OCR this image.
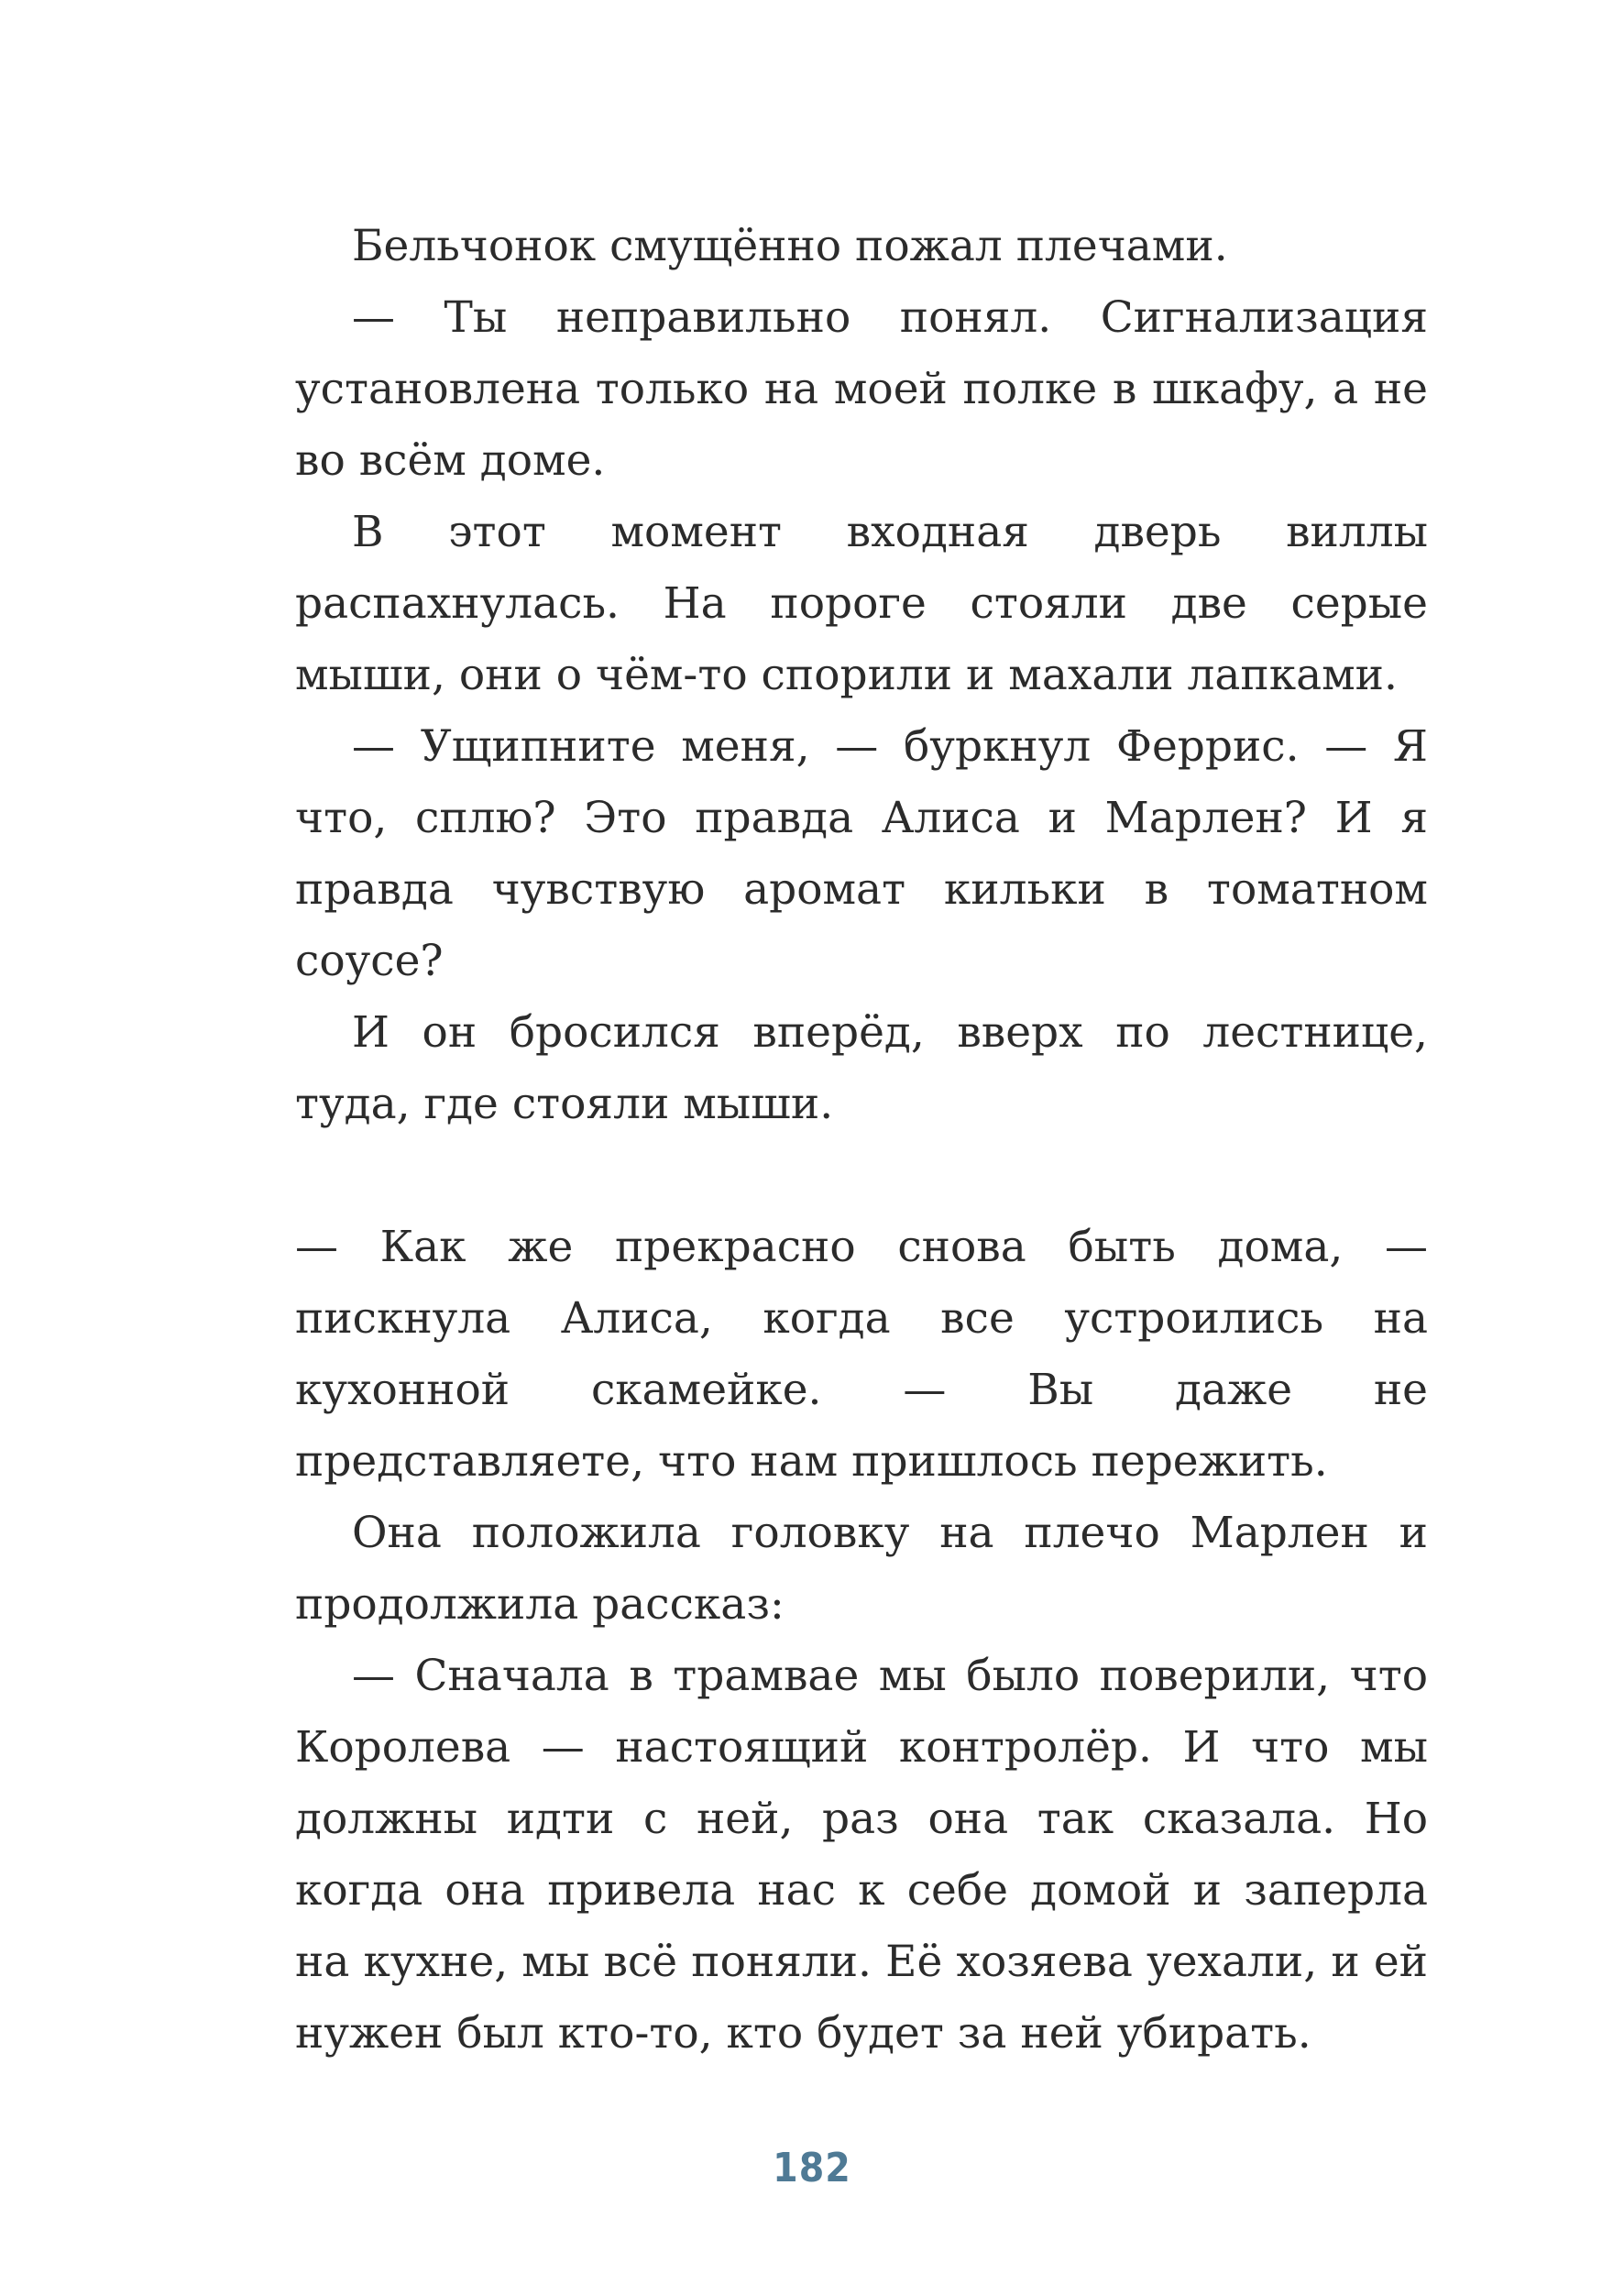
Бельчонок смущённо пожал плечами.

— Ты неправильно понял. Сигнализация установлена только на моей полке в шкафу, а не во всём доме.

В этот момент входная дверь виллы распахнулась. На пороге стояли две серые мыши, они о чём-то спорили и махали лапками.

— Ущипните меня, — буркнул Феррис. — Я что, сплю? Это правда Алиса и Марлен? И я правда чувствую аромат кильки в томатном соусе?

И он бросился вперёд, вверх по лестнице, туда, где стояли мыши.

— Как же прекрасно снова быть дома, — пискнула Алиса, когда все устроились на кухонной скамейке. — Вы даже не представляете, что нам пришлось пережить.

Она положила головку на плечо Марлен и продолжила рассказ:

— Сначала в трамвае мы было поверили, что Королева — настоящий контролёр. И что мы должны идти с ней, раз она так сказала. Но когда она привела нас к себе домой и заперла на кухне, мы всё поняли. Её хозяева уехали, и ей нужен был кто-то, кто будет за ней убирать.

182
